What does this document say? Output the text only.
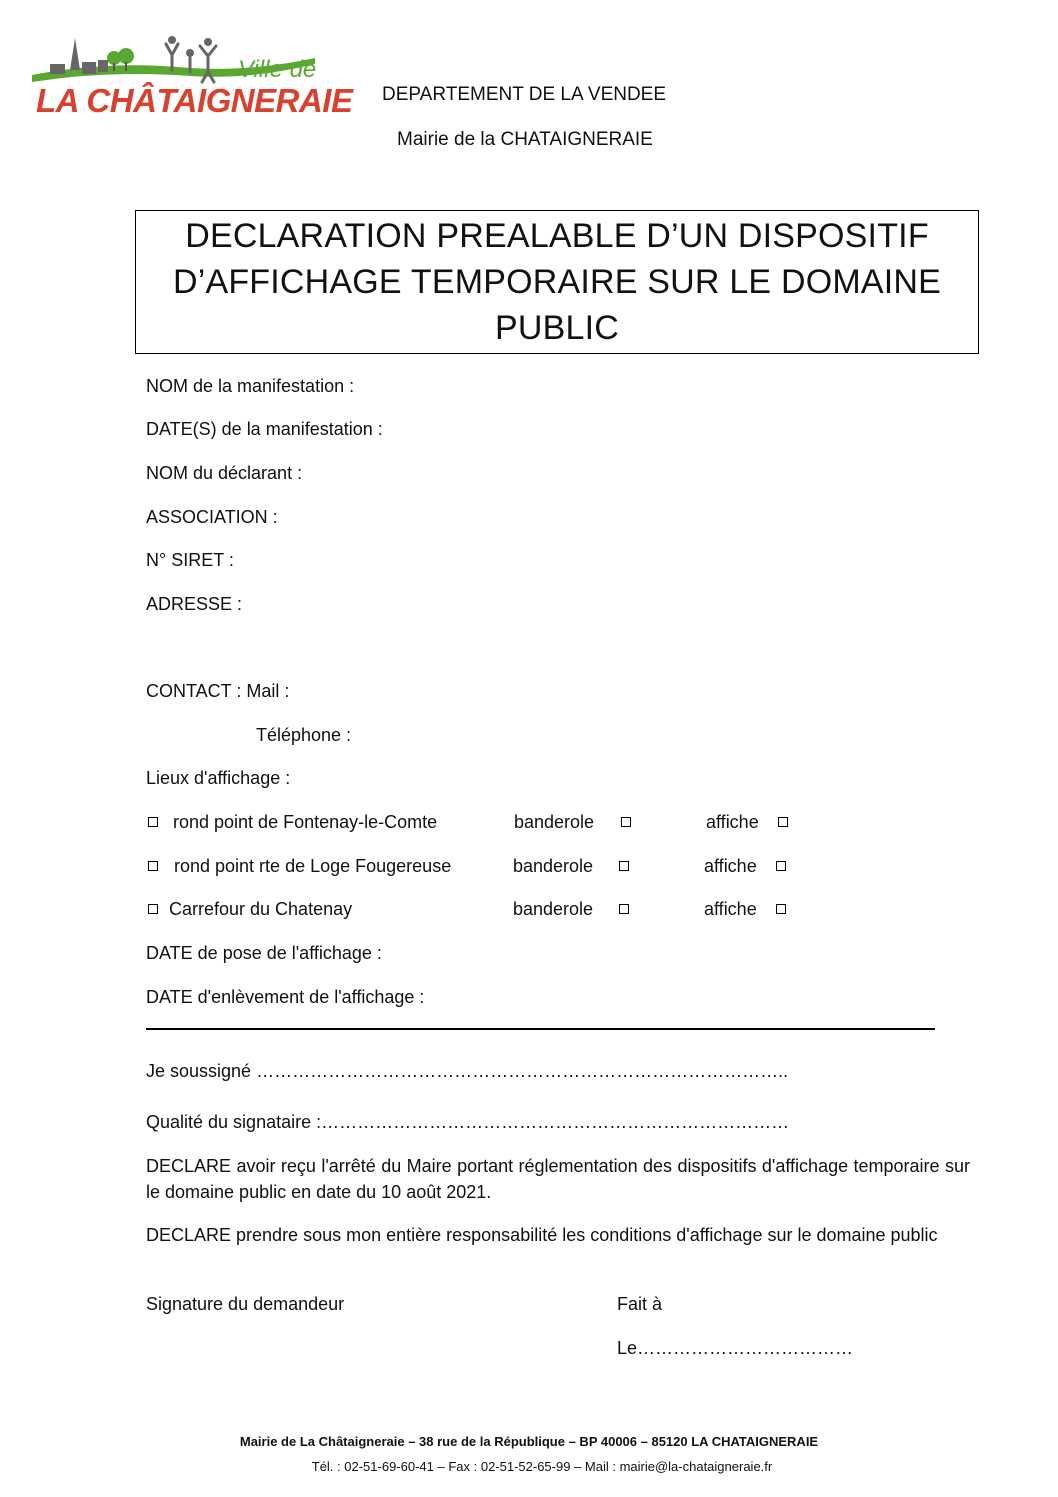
Ville de
LA CHÂTAIGNERAIE DEPARTEMENT DE LA VENDEE
Mairie de la CHATAIGNERAIE
DECLARATION PREALABLE D’UN DISPOSITIF
D’AFFICHAGE TEMPORAIRE SUR LE DOMAINE
PUBLIC
NOM de la manifestation :
DATE(S) de la manifestation :
NOM du déclarant :
ASSOCIATION :
N° SIRET :
ADRESSE :
CONTACT : Mail :
Téléphone :
Lieux d'affichage :
rond point de Fontenay-le-Comte	banderole	affiche
rond point rte de Loge Fougereuse	banderole	affiche
Carrefour du Chatenay	banderole	affiche
DATE de pose de l'affichage :
DATE d'enlèvement de l'affichage :
Je soussigné ……………………………………………………………………………..
Qualité du signataire :……………………………………………………………………
DECLARE avoir reçu l'arrêté du Maire portant réglementation des dispositifs d'affichage temporaire sur le domaine public en date du 10 août 2021.
DECLARE prendre sous mon entière responsabilité les conditions d'affichage sur le domaine public
Signature du demandeur	Fait à
Le………………………………
Mairie de La Châtaigneraie – 38 rue de la République – BP 40006 – 85120 LA CHATAIGNERAIE
Tél. : 02-51-69-60-41 – Fax : 02-51-52-65-99 – Mail : mairie@la-chataigneraie.fr
